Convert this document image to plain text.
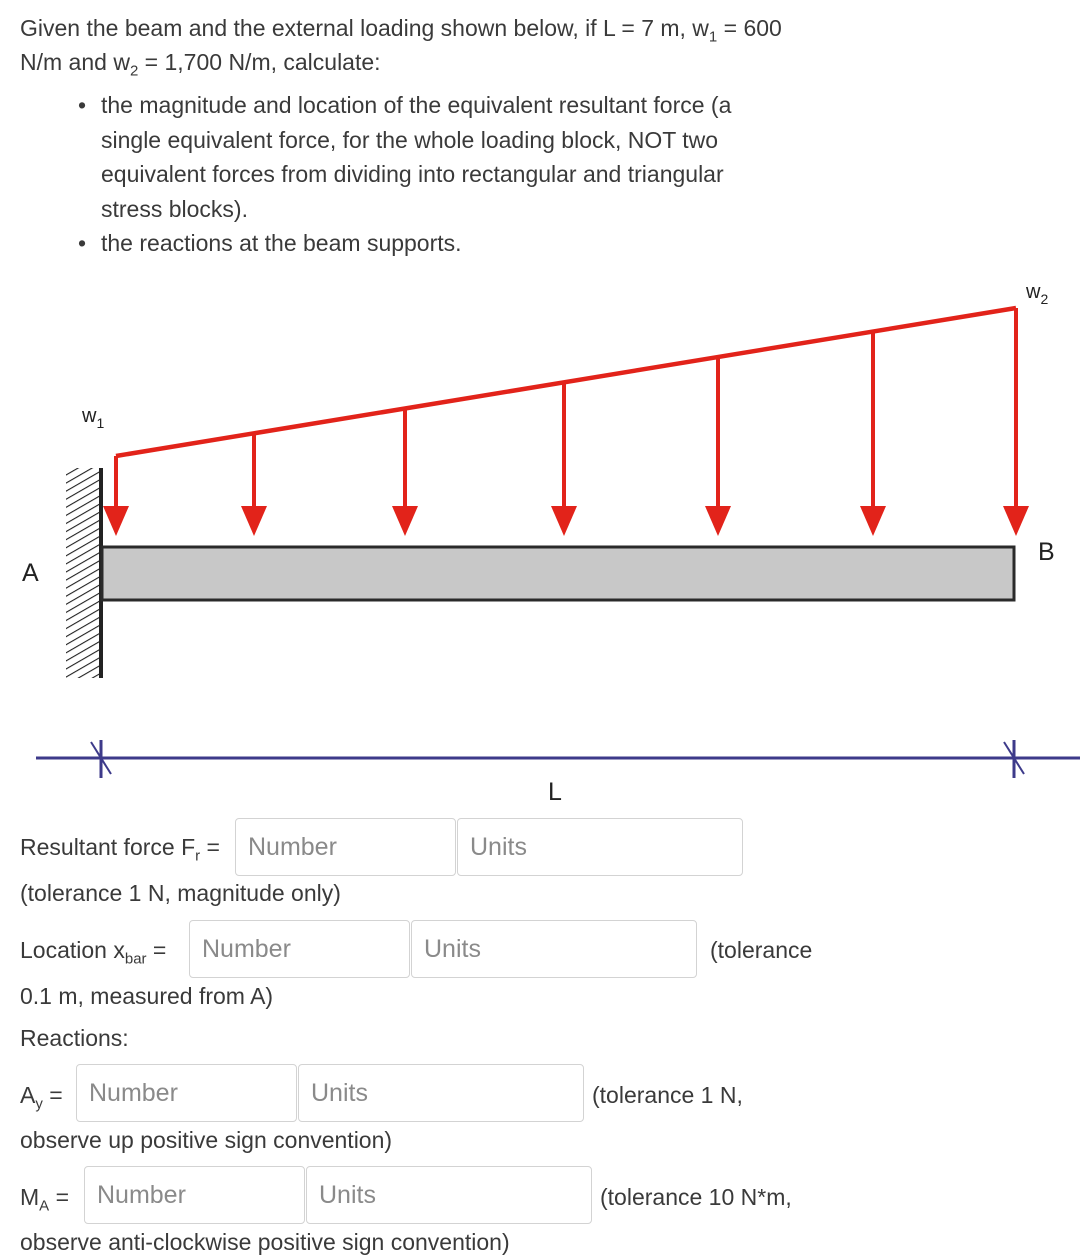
Given the beam and the external loading shown below, if L = 7 m, $w_1 = 600$
N/m and $w_2 = 1,700$ N/m, calculate:
• the magnitude and location of the equivalent resultant force (a single equivalent force, for the whole loading block, NOT two equivalent forces from dividing into rectangular and triangular stress blocks).
• the reactions at the beam supports.
$w_1$
$w_2$
A
B
L
Resultant force $F_r$ =
Number
Units
(tolerance 1 N, magnitude only)
Location $x_{bar}$ =
Number
Units	(tolerance
0.1 m, measured from A)
Reactions:
$A_y$ =
Number
Units	(tolerance 1 N,
observe up positive sign convention)
$M_A$ =
Number
Units	(tolerance 10 N*m,
observe anti-clockwise positive sign convention)
